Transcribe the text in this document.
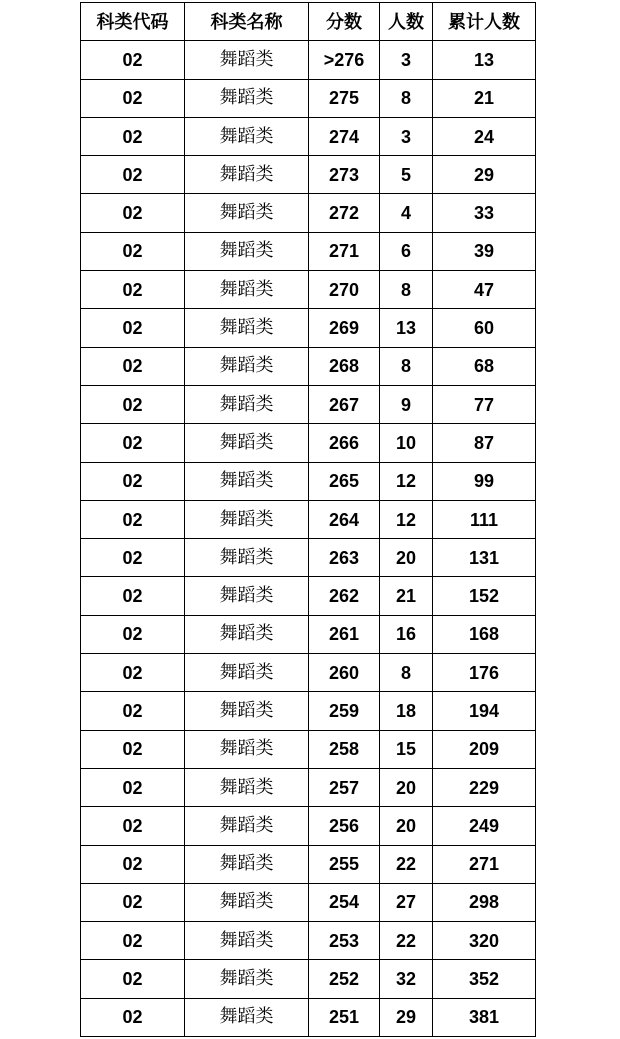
科类代码	科类名称	分数	人数	累计人数
02	舞蹈类	>276	3	13
02	舞蹈类	275	8	21
02	舞蹈类	274	3	24
02	舞蹈类	273	5	29
02	舞蹈类	272	4	33
02	舞蹈类	271	6	39
02	舞蹈类	270	8	47
02	舞蹈类	269	13	60
02	舞蹈类	268	8	68
02	舞蹈类	267	9	77
02	舞蹈类	266	10	87
02	舞蹈类	265	12	99
02	舞蹈类	264	12	111
02	舞蹈类	263	20	131
02	舞蹈类	262	21	152
02	舞蹈类	261	16	168
02	舞蹈类	260	8	176
02	舞蹈类	259	18	194
02	舞蹈类	258	15	209
02	舞蹈类	257	20	229
02	舞蹈类	256	20	249
02	舞蹈类	255	22	271
02	舞蹈类	254	27	298
02	舞蹈类	253	22	320
02	舞蹈类	252	32	352
02	舞蹈类	251	29	381
